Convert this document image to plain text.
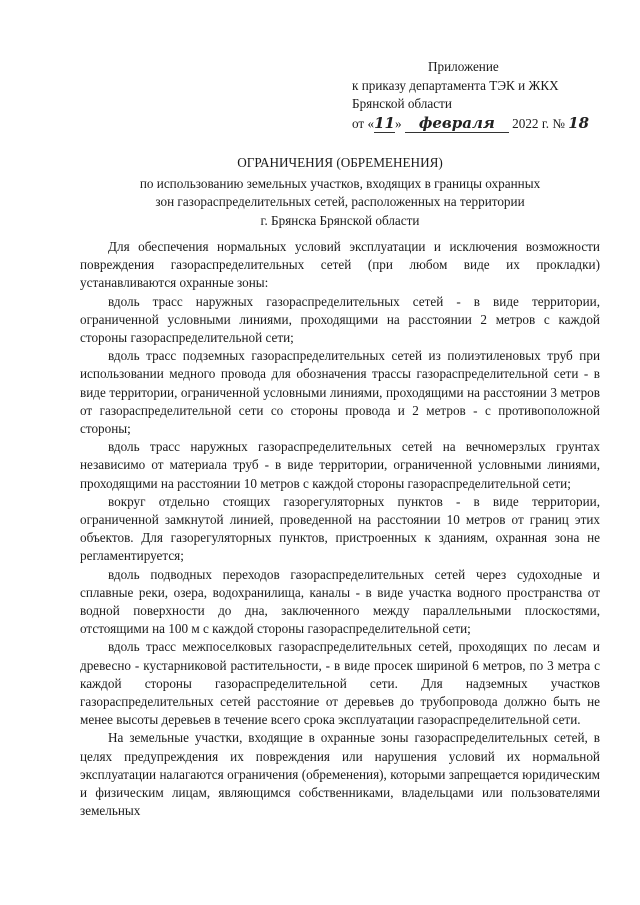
Приложение
к приказу департамента ТЭК и ЖКХ
Брянской области
от «11» февраля 2022 г. № 18
ОГРАНИЧЕНИЯ (ОБРЕМЕНЕНИЯ)
по использованию земельных участков, входящих в границы охранных
зон газораспределительных сетей, расположенных на территории
г. Брянска Брянской области

Для обеспечения нормальных условий эксплуатации и исключения возможности повреждения газораспределительных сетей (при любом виде их прокладки) устанавливаются охранные зоны:

вдоль трасс наружных газораспределительных сетей - в виде территории, ограниченной условными линиями, проходящими на расстоянии 2 метров с каждой стороны газораспределительной сети;

вдоль трасс подземных газораспределительных сетей из полиэтиленовых труб при использовании медного провода для обозначения трассы газораспределительной сети - в виде территории, ограниченной условными линиями, проходящими на расстоянии 3 метров от газораспределительной сети со стороны провода и 2 метров - с противоположной стороны;

вдоль трасс наружных газораспределительных сетей на вечномерзлых грунтах независимо от материала труб - в виде территории, ограниченной условными линиями, проходящими на расстоянии 10 метров с каждой стороны газораспределительной сети;

вокруг отдельно стоящих газорегуляторных пунктов - в виде территории, ограниченной замкнутой линией, проведенной на расстоянии 10 метров от границ этих объектов. Для газорегуляторных пунктов, пристроенных к зданиям, охранная зона не регламентируется;

вдоль подводных переходов газораспределительных сетей через судоходные и сплавные реки, озера, водохранилища, каналы - в виде участка водного пространства от водной поверхности до дна, заключенного между параллельными плоскостями, отстоящими на 100 м с каждой стороны газораспределительной сети;

вдоль трасс межпоселковых газораспределительных сетей, проходящих по лесам и древесно - кустарниковой растительности, - в виде просек шириной 6 метров, по 3 метра с каждой стороны газораспределительной сети. Для надземных участков газораспределительных сетей расстояние от деревьев до трубопровода должно быть не менее высоты деревьев в течение всего срока эксплуатации газораспределительной сети.

На земельные участки, входящие в охранные зоны газораспределительных сетей, в целях предупреждения их повреждения или нарушения условий их нормальной эксплуатации налагаются ограничения (обременения), которыми запрещается юридическим и физическим лицам, являющимся собственниками, владельцами или пользователями земельных
